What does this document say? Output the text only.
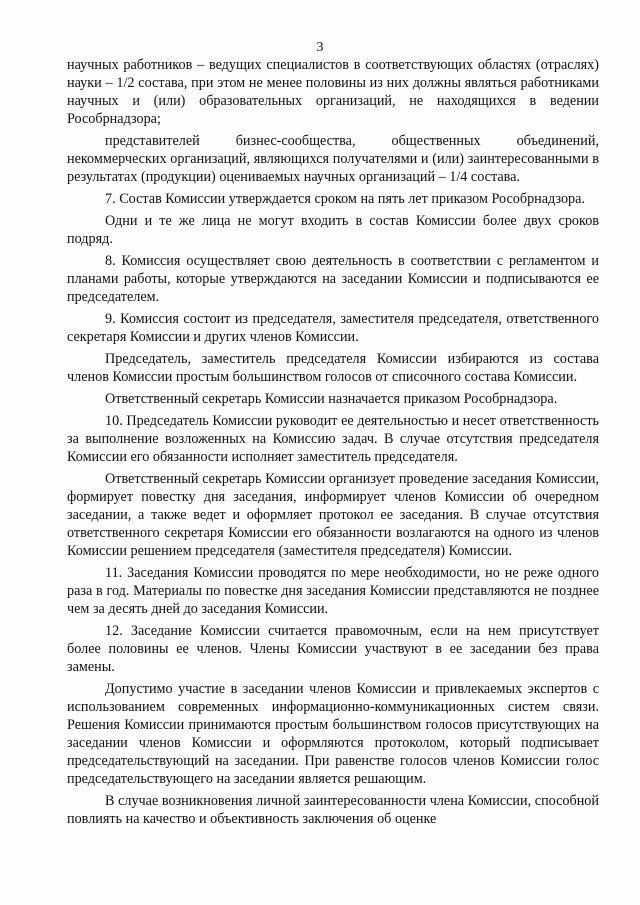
3

научных работников – ведущих специалистов в соответствующих областях (отраслях) науки – 1/2 состава, при этом не менее половины из них должны являться работниками научных и (или) образовательных организаций, не находящихся в ведении Рособрнадзора;

представителей бизнес-сообщества, общественных объединений, некоммерческих организаций, являющихся получателями и (или) заинтересованными в результатах (продукции) оцениваемых научных организаций – 1/4 состава.

7. Состав Комиссии утверждается сроком на пять лет приказом Рособрнадзора.

Одни и те же лица не могут входить в состав Комиссии более двух сроков подряд.

8. Комиссия осуществляет свою деятельность в соответствии с регламентом и планами работы, которые утверждаются на заседании Комиссии и подписываются ее председателем.

9. Комиссия состоит из председателя, заместителя председателя, ответственного секретаря Комиссии и других членов Комиссии.

Председатель, заместитель председателя Комиссии избираются из состава членов Комиссии простым большинством голосов от списочного состава Комиссии.

Ответственный секретарь Комиссии назначается приказом Рособрнадзора.

10. Председатель Комиссии руководит ее деятельностью и несет ответственность за выполнение возложенных на Комиссию задач. В случае отсутствия председателя Комиссии его обязанности исполняет заместитель председателя.

Ответственный секретарь Комиссии организует проведение заседания Комиссии, формирует повестку дня заседания, информирует членов Комиссии об очередном заседании, а также ведет и оформляет протокол ее заседания. В случае отсутствия ответственного секретаря Комиссии его обязанности возлагаются на одного из членов Комиссии решением председателя (заместителя председателя) Комиссии.

11. Заседания Комиссии проводятся по мере необходимости, но не реже одного раза в год. Материалы по повестке дня заседания Комиссии представляются не позднее чем за десять дней до заседания Комиссии.

12. Заседание Комиссии считается правомочным, если на нем присутствует более половины ее членов. Члены Комиссии участвуют в ее заседании без права замены.

Допустимо участие в заседании членов Комиссии и привлекаемых экспертов с использованием современных информационно-коммуникационных систем связи. Решения Комиссии принимаются простым большинством голосов присутствующих на заседании членов Комиссии и оформляются протоколом, который подписывает председательствующий на заседании. При равенстве голосов членов Комиссии голос председательствующего на заседании является решающим.

В случае возникновения личной заинтересованности члена Комиссии, способной повлиять на качество и объективность заключения об оценке
